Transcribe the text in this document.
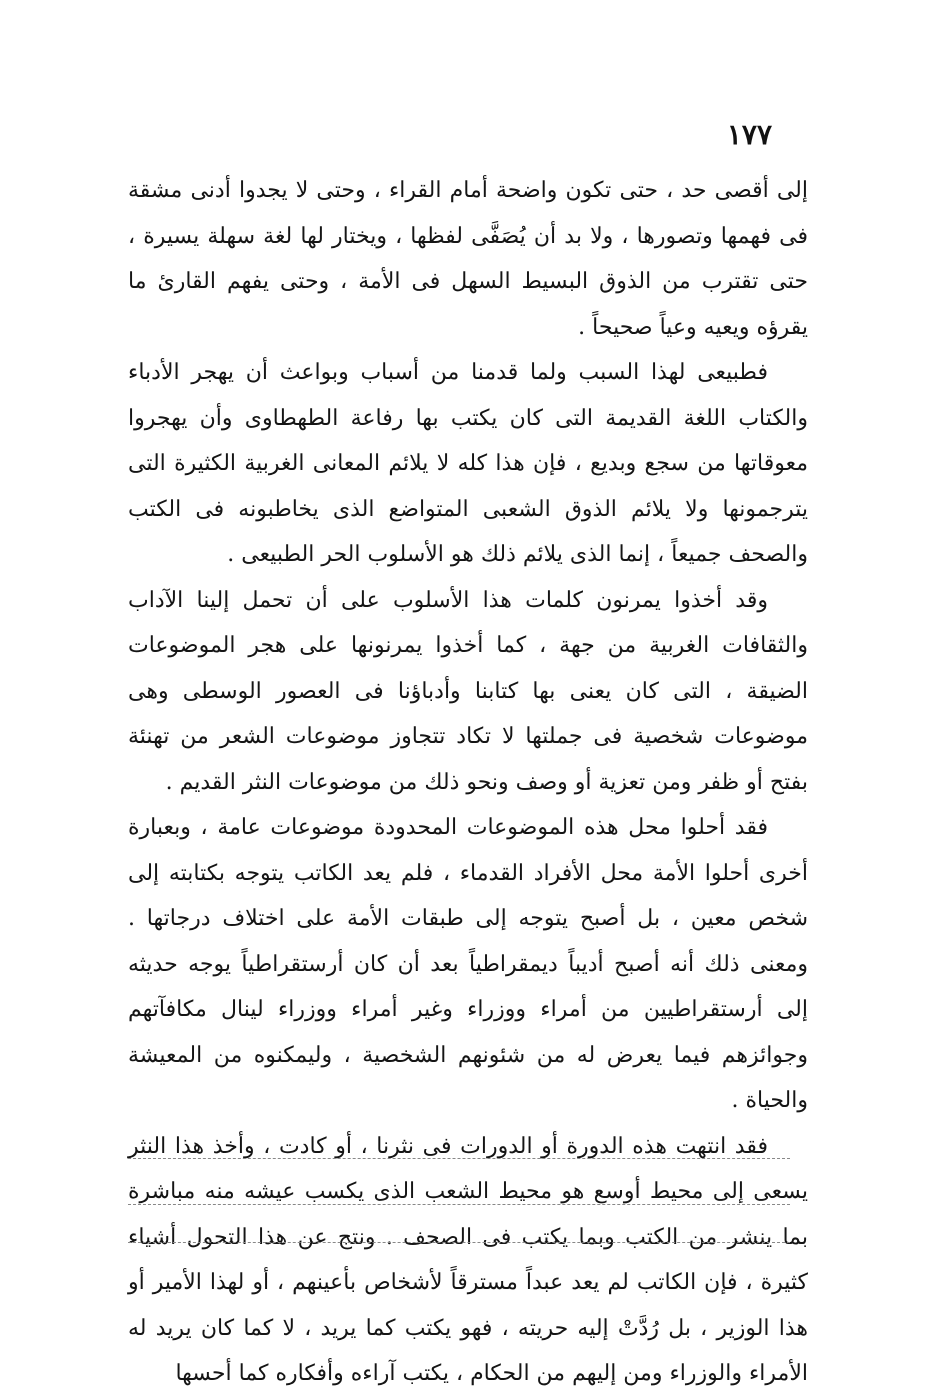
١٧٧

إلى أقصى حد ، حتى تكون واضحة أمام القراء ، وحتى لا يجدوا أدنى مشقة فى فهمها وتصورها ، ولا بد أن يُصَفَّى لفظها ، ويختار لها لغة سهلة يسيرة ، حتى تقترب من الذوق البسيط السهل فى الأمة ، وحتى يفهم القارئ ما يقرؤه ويعيه وعياً صحيحاً .

فطبيعى لهذا السبب ولما قدمنا من أسباب وبواعث أن يهجر الأدباء والكتاب اللغة القديمة التى كان يكتب بها رفاعة الطهطاوى وأن يهجروا معوقاتها من سجع وبديع ، فإن هذا كله لا يلائم المعانى الغربية الكثيرة التى يترجمونها ولا يلائم الذوق الشعبى المتواضع الذى يخاطبونه فى الكتب والصحف جميعاً ، إنما الذى يلائم ذلك هو الأسلوب الحر الطبيعى .

وقد أخذوا يمرنون كلمات هذا الأسلوب على أن تحمل إلينا الآداب والثقافات الغربية من جهة ، كما أخذوا يمرنونها على هجر الموضوعات الضيقة ، التى كان يعنى بها كتابنا وأدباؤنا فى العصور الوسطى وهى موضوعات شخصية فى جملتها لا تكاد تتجاوز موضوعات الشعر من تهنئة بفتح أو ظفر ومن تعزية أو وصف ونحو ذلك من موضوعات النثر القديم .

فقد أحلوا محل هذه الموضوعات المحدودة موضوعات عامة ، وبعبارة أخرى أحلوا الأمة محل الأفراد القدماء ، فلم يعد الكاتب يتوجه بكتابته إلى شخص معين ، بل أصبح يتوجه إلى طبقات الأمة على اختلاف درجاتها . ومعنى ذلك أنه أصبح أديباً ديمقراطياً بعد أن كان أرستقراطياً يوجه حديثه إلى أرستقراطيين من أمراء ووزراء وغير أمراء ووزراء لينال مكافآتهم وجوائزهم فيما يعرض له من شئونهم الشخصية ، وليمكنوه من المعيشة والحياة .

فقد انتهت هذه الدورة أو الدورات فى نثرنا ، أو كادت ، وأخذ هذا النثر يسعى إلى محيط أوسع هو محيط الشعب الذى يكسب عيشه منه مباشرة بما ينشر من الكتب وبما يكتب فى الصحف . ونتج عن هذا التحول أشياء كثيرة ، فإن الكاتب لم يعد عبداً مسترقاً لأشخاص بأعينهم ، أو لهذا الأمير أو هذا الوزير ، بل رُدَّتْ إليه حريته ، فهو يكتب كما يريد ، لا كما كان يريد له الأمراء والوزراء ومن إليهم من الحكام ، يكتب آراءه وأفكاره كما أحسها
